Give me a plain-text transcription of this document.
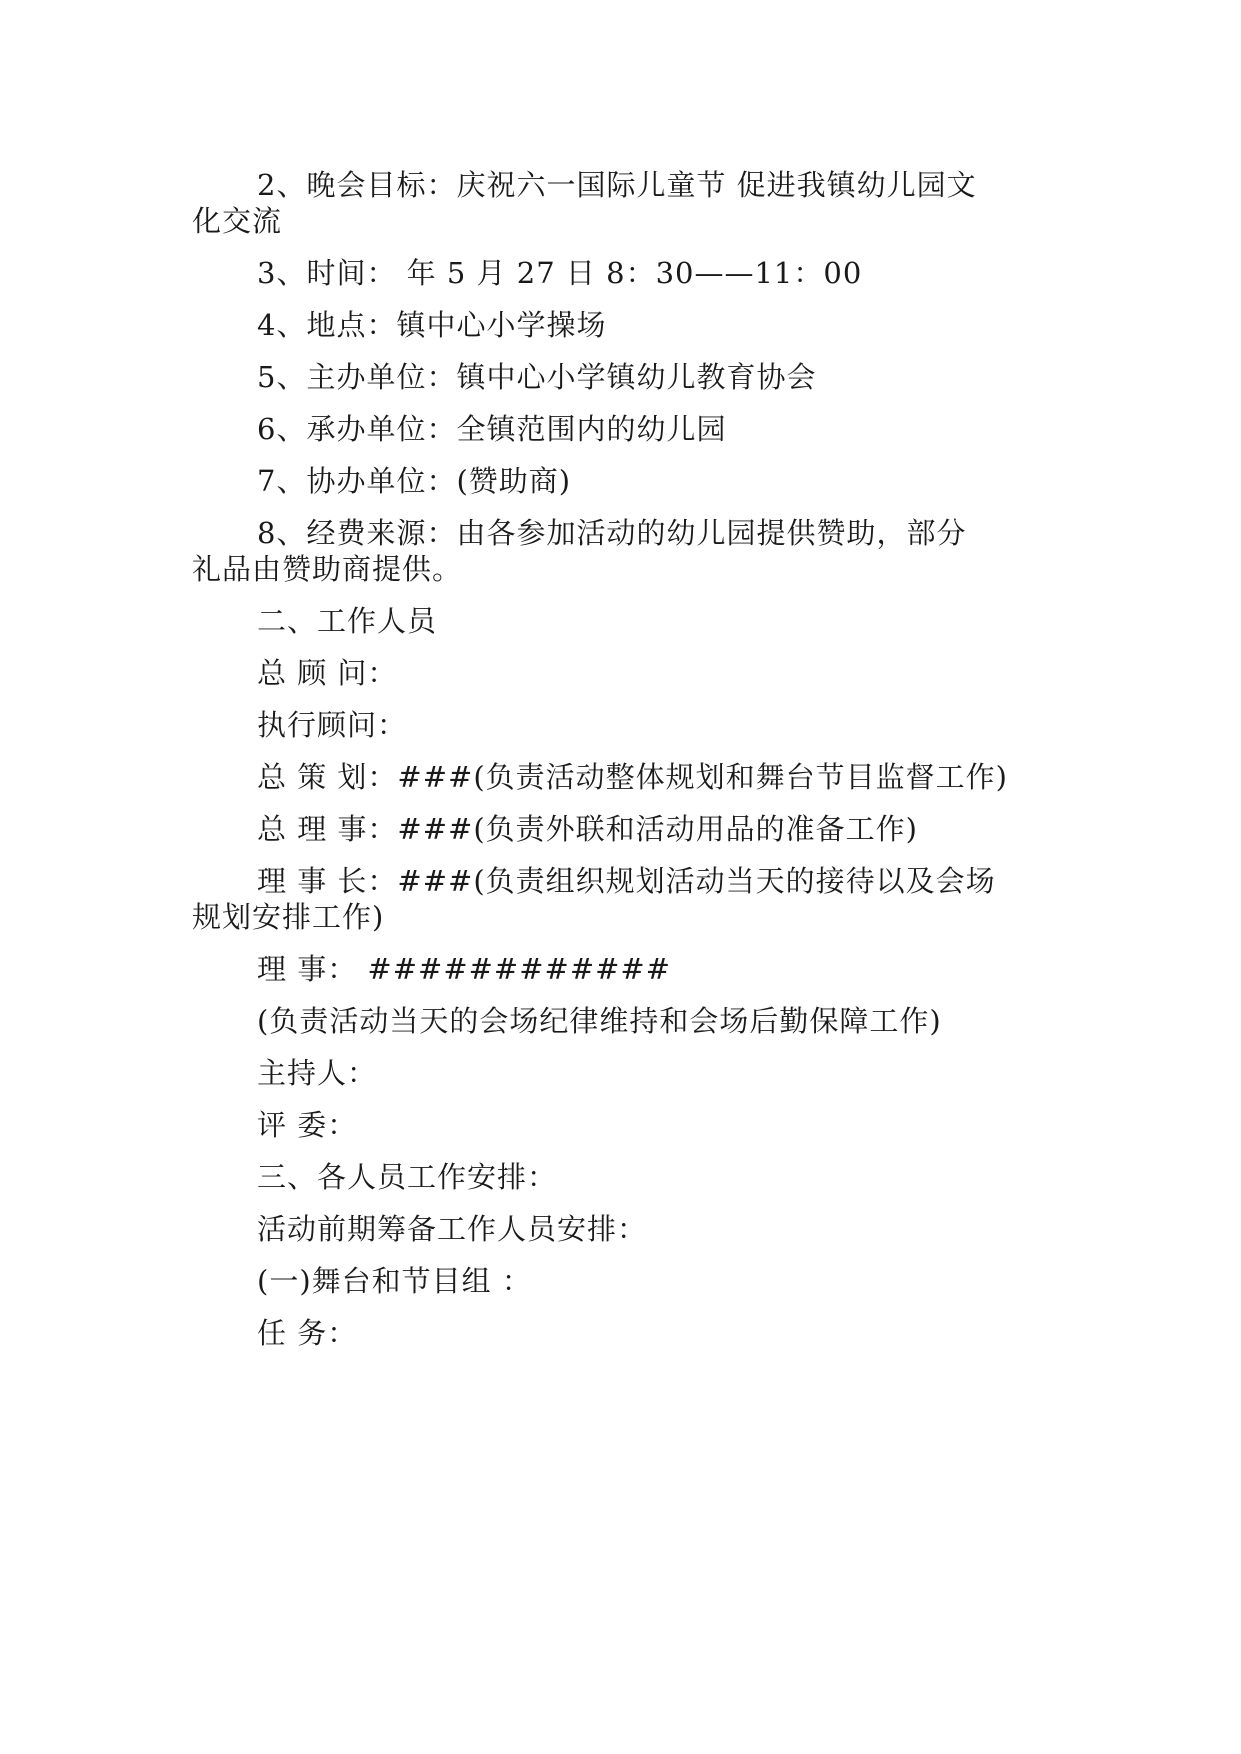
2、晚会目标：庆祝六一国际儿童节 促进我镇幼儿园文
化交流
3、时间： 年 5 月 27 日 8：30——11：00
4、地点：镇中心小学操场
5、主办单位：镇中心小学镇幼儿教育协会
6、承办单位：全镇范围内的幼儿园
7、协办单位：(赞助商)
8、经费来源：由各参加活动的幼儿园提供赞助，部分
礼品由赞助商提供。
二、工作人员
总 顾 问：
执行顾问：
总 策 划：###(负责活动整体规划和舞台节目监督工作)
总 理 事：###(负责外联和活动用品的准备工作)
理 事 长：###(负责组织规划活动当天的接待以及会场
规划安排工作)
理 事： ############
(负责活动当天的会场纪律维持和会场后勤保障工作)
主持人：
评 委：
三、各人员工作安排：
活动前期筹备工作人员安排：
(一)舞台和节目组 ：
任 务：
